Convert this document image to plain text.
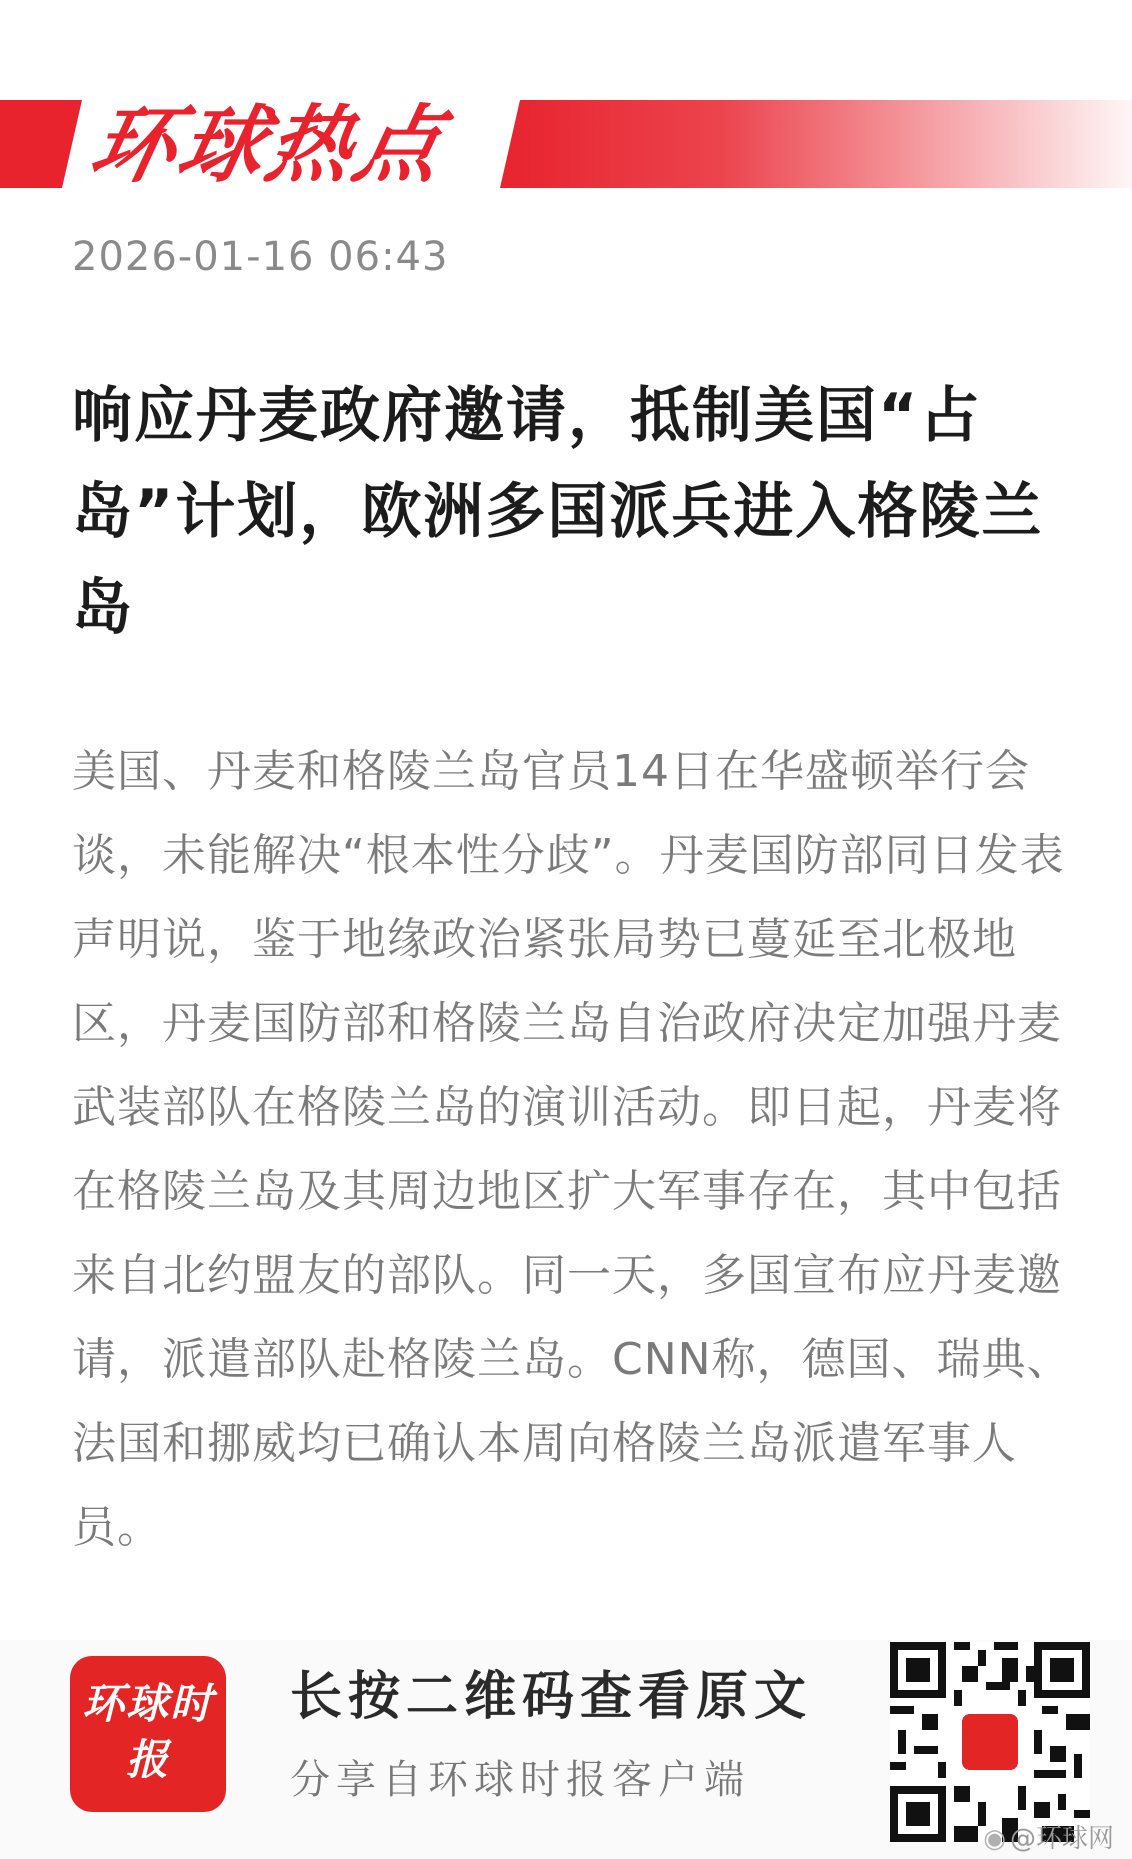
环球热点
2026-01-16 06:43
响应丹麦政府邀请，抵制美国“占岛”计划，欧洲多国派兵进入格陵兰岛

美国、丹麦和格陵兰岛官员14日在华盛顿举行会谈，未能解决“根本性分歧”。丹麦国防部同日发表声明说，鉴于地缘政治紧张局势已蔓延至北极地区，丹麦国防部和格陵兰岛自治政府决定加强丹麦武装部队在格陵兰岛的演训活动。即日起，丹麦将在格陵兰岛及其周边地区扩大军事存在，其中包括来自北约盟友的部队。同一天，多国宣布应丹麦邀请，派遣部队赴格陵兰岛。CNN称，德国、瑞典、法国和挪威均已确认本周向格陵兰岛派遣军事人员。

环球时报
长按二维码查看原文
分享自环球时报客户端
◉ @环球网
